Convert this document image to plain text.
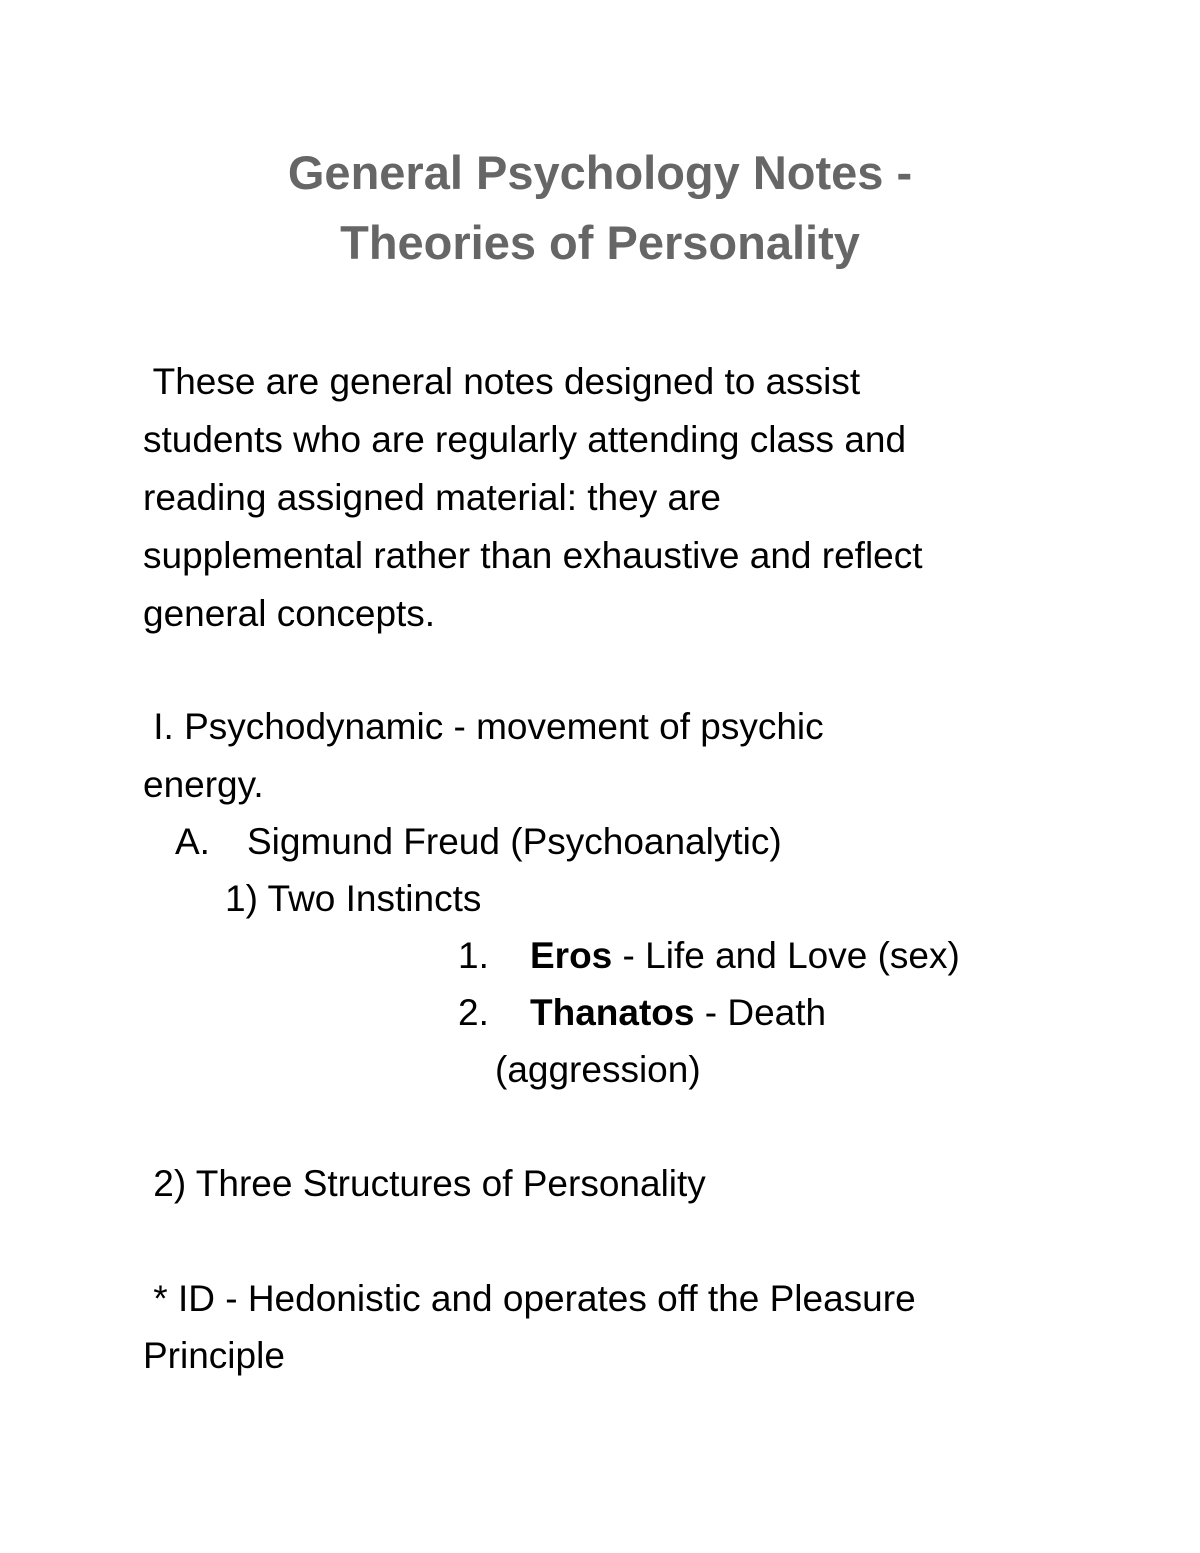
General Psychology Notes -
Theories of Personality

These are general notes designed to assist
students who are regularly attending class and
reading assigned material: they are
supplemental rather than exhaustive and reflect
general concepts.

I. Psychodynamic - movement of psychic
energy.
A. Sigmund Freud (Psychoanalytic)
1) Two Instincts
1. Eros - Life and Love (sex)
2. Thanatos - Death
(aggression)
2) Three Structures of Personality
* ID - Hedonistic and operates off the Pleasure
Principle
